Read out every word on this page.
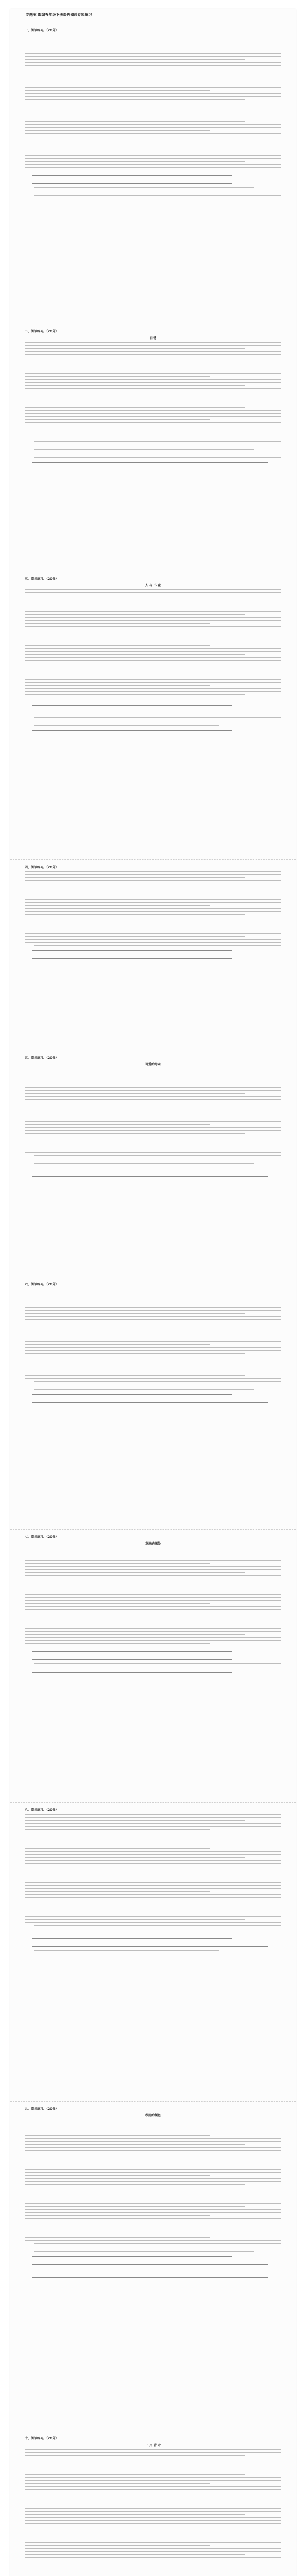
专题五 部编五年级下册课外阅读专项练习
一、阅读练习。（20分）
二、阅读练习。（20分）
白杨
三、阅读练习。（20分）
人 与 书 童
四、阅读练习。（20分）
五、阅读练习。（20分）
可爱的母亲
六、阅读练习。（20分）
七、阅读练习。（20分）
草原的深处
八、阅读练习。（20分）
九、阅读练习。（20分）
秋雨的颜色
十、阅读练习。（20分）
一 片 青 叶
